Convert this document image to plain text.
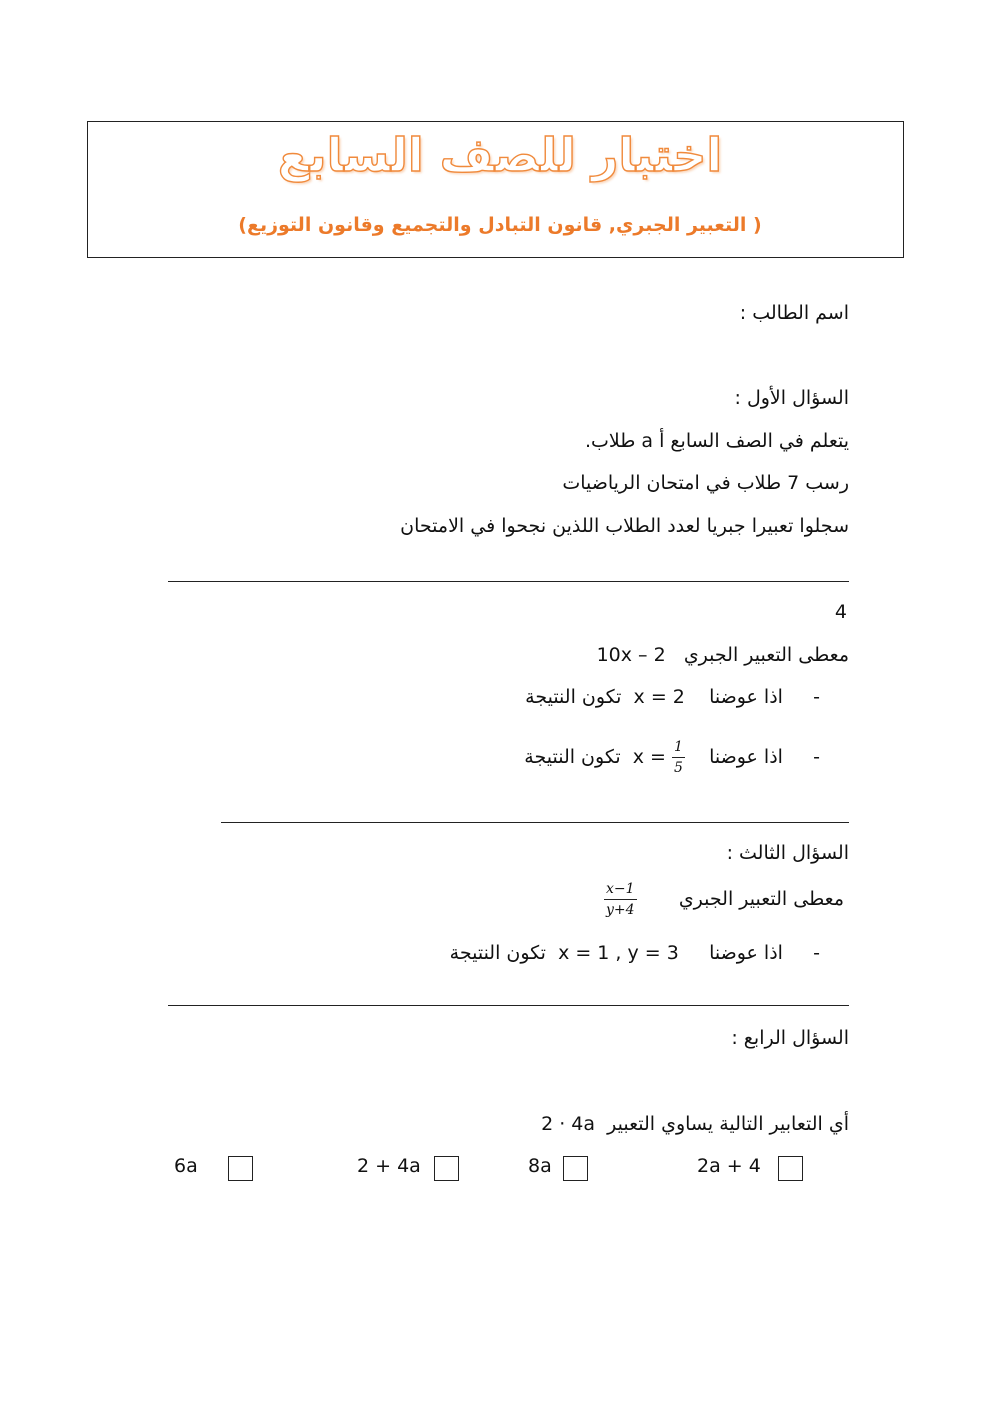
اختبار للصف السابع
( التعبير الجبري, قانون التبادل والتجميع وقانون التوزيع)
اسم الطالب :
السؤال الأول :
يتعلم في الصف السابع أ a طلاب.
رسب 7 طلاب في امتحان الرياضيات
سجلوا تعبيرا جبريا لعدد الطلاب اللذين نجحوا في الامتحان
4
معطى التعبير الجبري   10x – 2
-     اذا عوضنا    x = 2  تكون النتيجة
-     اذا عوضنا    $x = \frac{1}{5}$
تكون النتيجة
السؤال الثالث :
معطى التعبير الجبري
$\frac{x-1}{y+4}$
-     اذا عوضنا     x = 1 , y = 3  تكون النتيجة
السؤال الرابع :
أي التعابير التالية يساوي التعبير  2 · 4a
6a	2 + 4a	8a	2a + 4
